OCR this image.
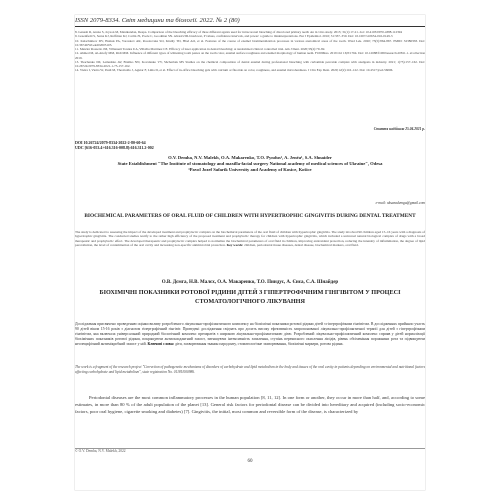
ISSN 2079-8334. Світ медицини та біології. 2022. № 2 (80)

8. Ganesh R, Aruna S, Joyson M, Manikandan, Deepa. Comparison of the bleaching efficacy of three different agents used for intracoronal bleaching of discolored primary teeth: An in vitro study. 2013; 31(1):17-21. doi: 10.4103/0970-4388.112394

9. Greenfield S, Sarna KJ, Roffman KJ, Carlin JS, Poole C, Goodman SN. Abrasiv3D-brush test, P values, confidence intervals, and power: a guide to misinterpretations. Eur J Epidemiol. 2016; 31:337–350. Doi: 10.1007/s10654-016-0149-3

10. Kalachnikov DV, Haziuk PA, Voronkov AR, Rosolovska SO, Kindiy TD, Hlad AO, et al. Features of the course of enamel biomineralization processes in various anatomical areas of the tooth. Wiad Lek. 2020; 73(5):864-867. PMID: 32386358. Doi: 10.36740/WLek202005105.

11. Metzler Rossetto JM, Villanueti Tondes UA, Villalba Martinez CE. Efficacy of laser application in dental bleaching: A randomized clinical controlled trial. Am J Dent. 2020;33(2):79–82.

12. Ahmed M, Al-Attefy MM, Ridi MM. Influence of different types of whitening tooth pastes on the tooth color, enamel surface roughness and enamel morphology of human teeth. F1000Res. 2019 Oct 16;8:1764. Doi: 10.12688/f1000research.20811.1. eCollection 2019.

13. Tkachenko IM, Lemeshko AV, Brailko NN, Kovalenko VV, Shcherbak MS Studies on the chemical composition of dental enamel during professional bleaching with carbamide peroxide complex with analgesia in industry. 2021; 1(75):157–162. Doi: 10.26724/2079-8334-2021-1-75-157-162.

14. Vieira I, Vieira W, Pauli M, Theobaldo J, Aguiar F, Lima D, et al. Effect of in-office bleaching gels with calcium or fluoride on color, roughness, and enamel microhardness. J Clin Exp Dent. 2020;12(2):116–122. Doi: 10.4317/jced.56006.

Стаття надійшла 25.04.2021 р.
DOI 10.26724/2079-8334-2022-2-80-60-64
UDC [616-053.4+616.316-008.8]:616.311.2-002
O.V. Demha, N.V. Malekh, O.A. Makarenko, T.O. Pyndus¹, A. Jenéa¹, S.A. Shnaider
State Establishment "The Institute of stomatology and maxilla-facial surgery National academy of medical sciences of Ukraine", Odesa
¹Pavol Jozef Safarik University and Academy of Kosice, Košice
e-mail: oksanademga@gmail.com
BIOCHEMICAL PARAMETERS OF ORAL FLUID OF CHILDREN WITH HYPERTROPHIC GINGIVITIS DURING DENTAL TREATMENT
The study is dedicated to assessing the impact of the developed treatment and prophylactic complex on the biochemical parameters of the oral fluid of children with hypertrophic gingivitis. The study involved 90 children aged 15–16 years with a diagnosis of hypertrophic gingivitis. The conducted studies testify to the rather high efficiency of the proposed treatment and prophylactic therapy for children with hypertrophic gingivitis, which included a universal natural biological complex of drugs with a broad therapeutic and prophylactic effect. The developed therapeutic and prophylactic complex helped to normalize the biochemical parameters of oral fluid in children, improving antioxidant protection, reducing the intensity of inflammation, the degree of lipid peroxidation, the level of contamination of the oral cavity and increasing non-specific antimicrobial protection. Key words: children, periodontal tissue diseases, dental disease, biochemical markers, oral fluid.
О.В. Дємга, Н.В. Малєх, О.А. Макаренко, Т.О. Пиндус, А. Єнєа, С.А. Шнайдер
БІОХІМІЧНІ ПОКАЗНИКИ РОТОВОЇ РІДИНИ ДІТЕЙ З ГІПЕРТРОФІЧНИМ ГІНГІВІТОМ У ПРОЦЕСІ СТОМАТОЛОГІЧНОГО ЛІКУВАННЯ
Дослідження присвячено проведенню оцінки впливу розробленого лікувально-профілактичного комплексу на біохімічні показники ротової рідини дітей з гіпертрофічним гінгівітом. В дослідженнях прийняло участь 90 дітей віком 15-16 років з діагнозом гіпертрофічний гінгівіт. Проведені дослідження свідчать про досить високу ефективність запропонованої лікувально-профілактичної терапії для дітей з гіпертрофічним гінгівітом, яка включала універсальний природний біологічний комплекс препаратів з широкою лікувально-профілактичною дією. Розроблений лікувально-профілактичний комплекс сприяв у дітей нормалізації біохімічних показників ротової рідини, покращуючи антиоксидантний захист, зменшуючи інтенсивність запалення, ступінь перекисного окислення ліпідів, рівень обсіменіння порожнини рота та підвищуючи неспецифічний антимікробний захист у ній. Ключові слова: діти, захворювання тканин пародонту, стоматологічне захворювання, біохімічні маркери, ротова рідина.
The work is a fragment of the research project "Correction of pathogenetic mechanisms of disorders of carbohydrate and lipid metabolism in the body and tissues of the oral cavity in patients depending on environmental and nutritional factors affecting carbohydrate and lipid metabolism", state registration No. 0118U000986.

Periodontal diseases are the most common inflammatory processes in the human population [8, 11, 12]. In one form or another, they occur in more than half, and, according to some estimates, in more than 80 % of the adult population of the planet [13]. General risk factors for periodontal disease can be divided into hereditary and acquired (including socio-economic factors, poor oral hygiene, cigarette smoking and diabetes) [7]. Gingivitis, the initial, most common and reversible form of the disease, is characterized by

© O.V. Demha, N.V. Malekh, 2022
60
